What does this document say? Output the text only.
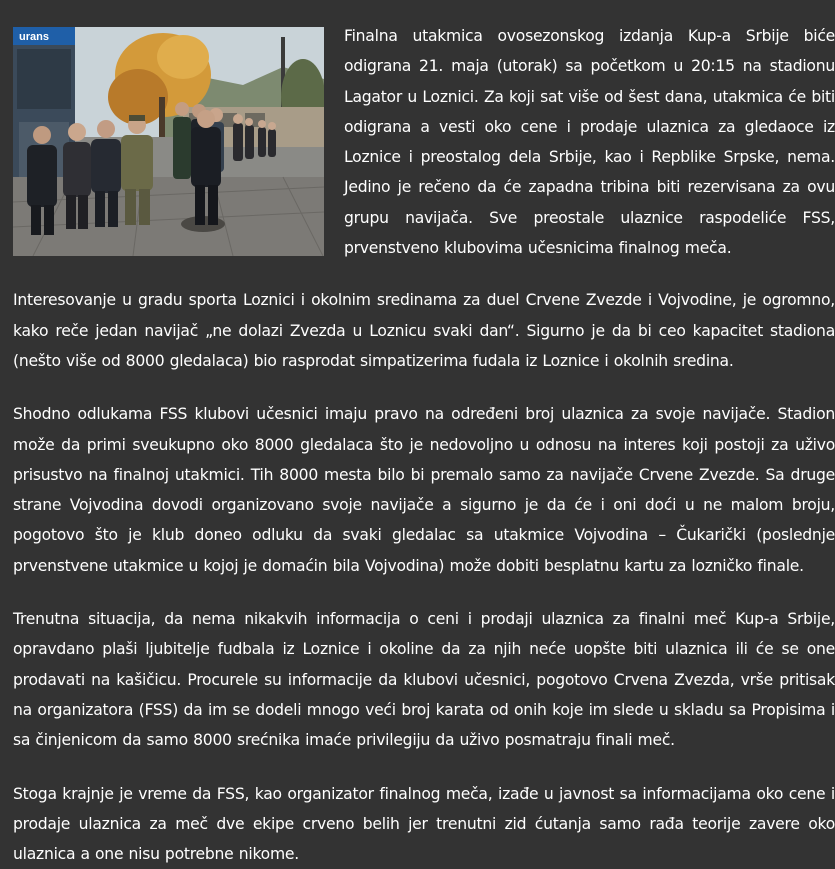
urans	Finalna utakmica ovosezonskog izdanja Kup-a Srbije biće odigrana 21. maja (utorak) sa početkom u 20:15 na stadionu Lagator u Loznici. Za koji sat više od šest dana, utakmica će biti odigrana a vesti oko cene i prodaje ulaznica za gledaoce iz Loznice i preostalog dela Srbije, kao i Repblike Srpske, nema. Jedino je rečeno da će zapadna tribina biti rezervisana za ovu grupu navijača. Sve preostale ulaznice raspodeliće FSS, prvenstveno klubovima učesnicima finalnog meča.

Interesovanje u gradu sporta Loznici i okolnim sredinama za duel Crvene Zvezde i Vojvodine, je ogromno, kako reče jedan navijač „ne dolazi Zvezda u Loznicu svaki dan“. Sigurno je da bi ceo kapacitet stadiona (nešto više od 8000 gledalaca) bio rasprodat simpatizerima fudala iz Loznice i okolnih sredina.

Shodno odlukama FSS klubovi učesnici imaju pravo na određeni broj ulaznica za svoje navijače. Stadion može da primi sveukupno oko 8000 gledalaca što je nedovoljno u odnosu na interes koji postoji za uživo prisustvo na finalnoj utakmici. Tih 8000 mesta bilo bi premalo samo za navijače Crvene Zvezde. Sa druge strane Vojvodina dovodi organizovano svoje navijače a sigurno je da će i oni doći u ne malom broju, pogotovo što je klub doneo odluku da svaki gledalac sa utakmice Vojvodina – Čukarički (poslednje prvenstvene utakmice u kojoj je domaćin bila Vojvodina) može dobiti besplatnu kartu za lozničko finale.

Trenutna situacija, da nema nikakvih informacija o ceni i prodaji ulaznica za finalni meč Kup-a Srbije, opravdano plaši ljubitelje fudbala iz Loznice i okoline da za njih neće uopšte biti ulaznica ili će se one prodavati na kašičicu. Procurele su informacije da klubovi učesnici, pogotovo Crvena Zvezda, vrše pritisak na organizatora (FSS) da im se dodeli mnogo veći broj karata od onih koje im slede u skladu sa Propisima i sa činjenicom da samo 8000 srećnika imaće privilegiju da uživo posmatraju finali meč.

Stoga krajnje je vreme da FSS, kao organizator finalnog meča, izađe u javnost sa informacijama oko cene i prodaje ulaznica za meč dve ekipe crveno belih jer trenutni zid ćutanja samo rađa teorije zavere oko ulaznica a one nisu potrebne nikome.
